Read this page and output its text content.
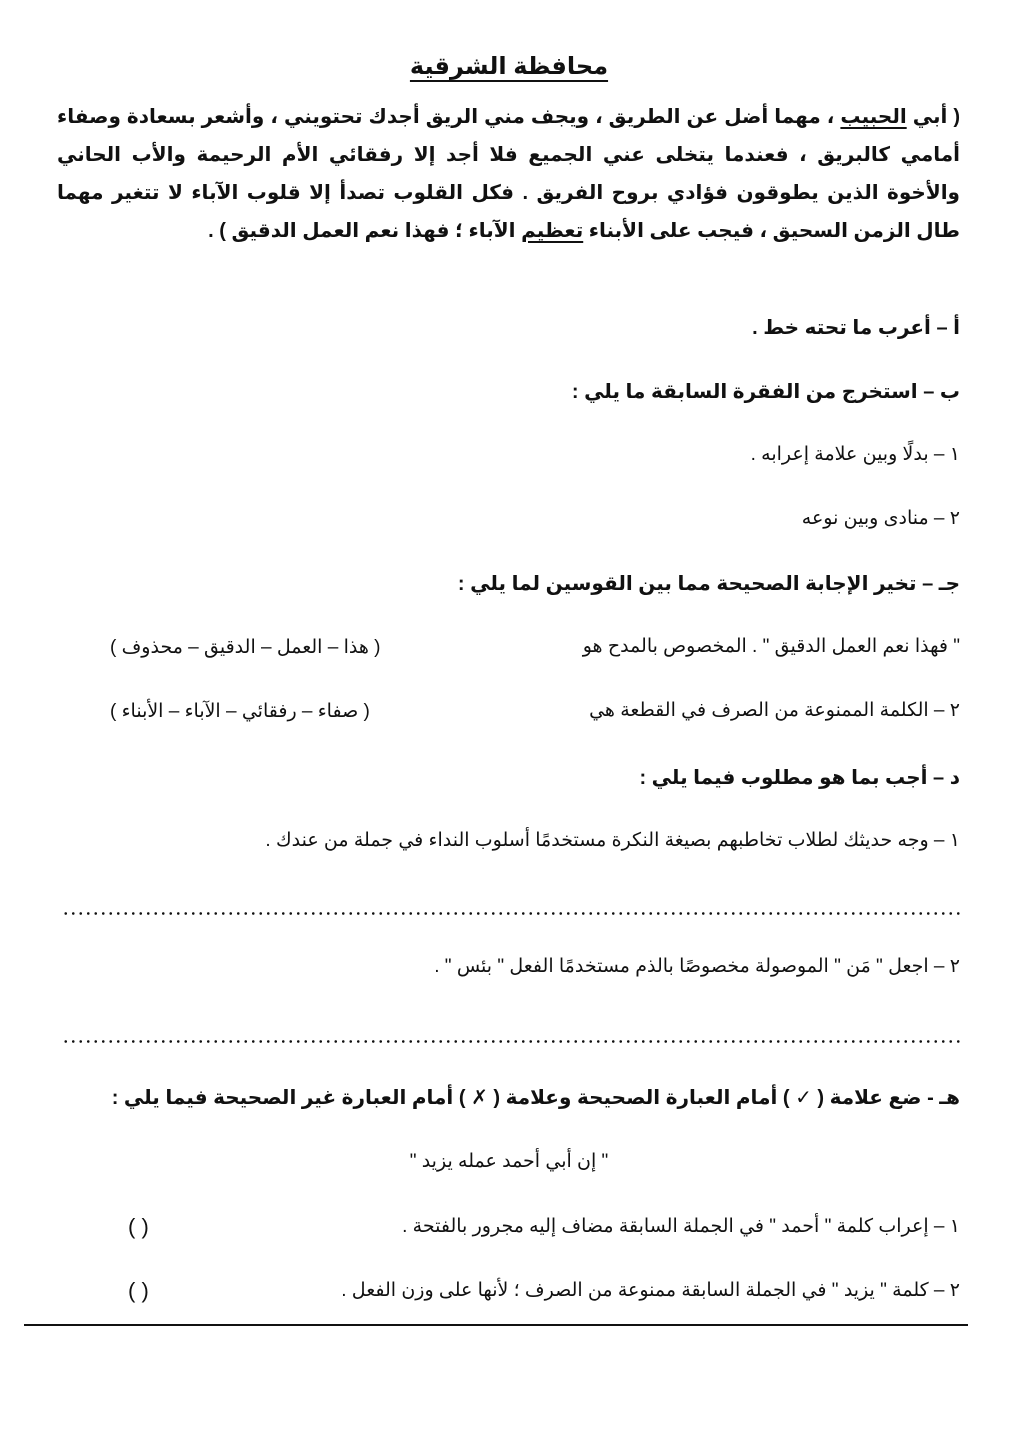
محافظة الشرقية
( أبي الحبيب ، مهما أضل عن الطريق ، ويجف مني الريق أجدك تحتويني ، وأشعر بسعادة وصفاء أمامي كالبريق ، فعندما يتخلى عني الجميع فلا أجد إلا رفقائي الأم الرحيمة والأب الحاني والأخوة الذين يطوقون فؤادي بروح الفريق . فكل القلوب تصدأ إلا قلوب الآباء لا تتغير مهما طال الزمن السحيق ، فيجب على الأبناء تعظيم الآباء ؛ فهذا نعم العمل الدقيق ) .
أ – أعرب ما تحته خط .
ب – استخرج من الفقرة السابقة ما يلي :
١ – بدلًا وبين علامة إعرابه .
٢ – منادى وبين نوعه
جـ – تخير الإجابة الصحيحة مما بين القوسين لما يلي :
" فهذا نعم العمل الدقيق " . المخصوص بالمدح هو
( هذا – العمل – الدقيق – محذوف )
٢ – الكلمة الممنوعة من الصرف في القطعة هي
( صفاء – رفقائي – الآباء – الأبناء )
د – أجب بما هو مطلوب فيما يلي :
١ – وجه حديثك لطلاب تخاطبهم بصيغة النكرة مستخدمًا أسلوب النداء في جملة من عندك .
٢ – اجعل " مَن " الموصولة مخصوصًا بالذم مستخدمًا الفعل " بئس " .
هـ - ضع علامة ( ✓ ) أمام العبارة الصحيحة وعلامة ( ✗ ) أمام العبارة غير الصحيحة فيما يلي :
" إن أبي أحمد عمله يزيد "
١ – إعراب كلمة " أحمد " في الجملة السابقة مضاف إليه مجرور بالفتحة .
( )
٢ – كلمة " يزيد " في الجملة السابقة ممنوعة من الصرف ؛ لأنها على وزن الفعل .
( )
